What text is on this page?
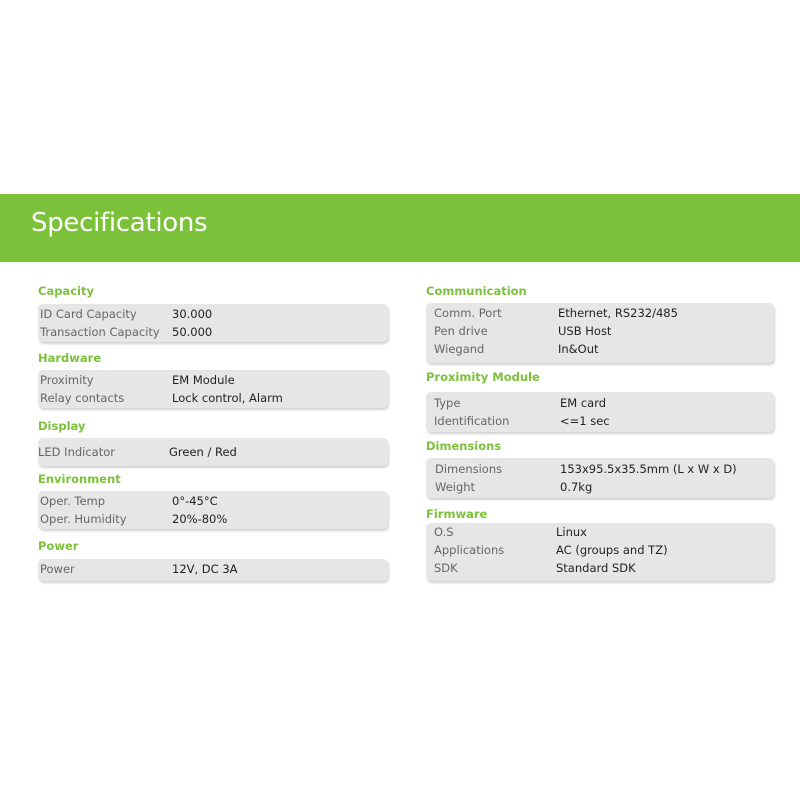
Specifications
Capacity
ID Card Capacity	30.000
Transaction Capacity 50.000
Hardware
Proximity	EM Module
Relay contacts	Lock control, Alarm
Display
LED Indicator	Green / Red
Environment
Oper. Temp	0°-45°C
Oper. Humidity	20%-80%
Power
Power	12V, DC 3A
Communication
Comm. Port	Ethernet, RS232/485
Pen drive	USB Host
Wiegand	In&Out
Proximity Module
Type	EM card
Identification	<=1 sec
Dimensions
Dimensions	153x95.5x35.5mm (L x W x D)
Weight	0.7kg
Firmware
O.S	Linux
Applications	AC (groups and TZ)
SDK	Standard SDK
